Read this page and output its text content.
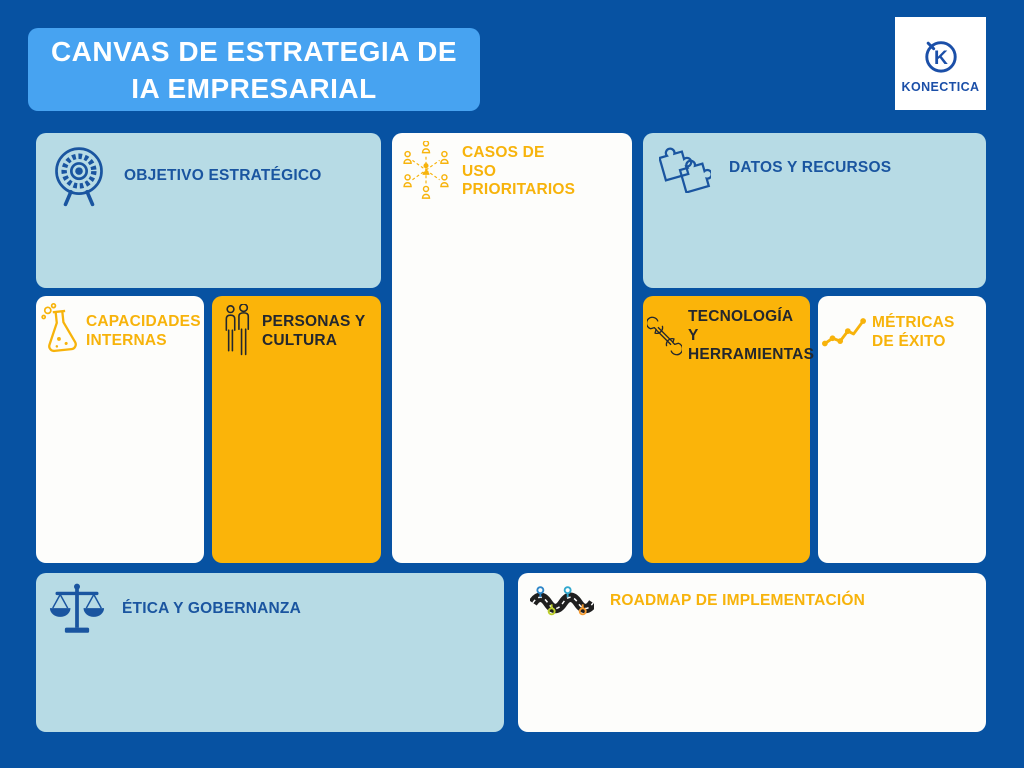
CANVAS DE ESTRATEGIA DE
IA EMPRESARIAL
K
KONECTICA
OBJETIVO ESTRATÉGICO
CASOS DE USO PRIORITARIOS
DATOS Y RECURSOS
CAPACIDADES INTERNAS
PERSONAS Y CULTURA
TECNOLOGÍA Y HERRAMIENTAS
MÉTRICAS DE ÉXITO
ÉTICA Y GOBERNANZA	ROADMAP DE IMPLEMENTACIÓN
